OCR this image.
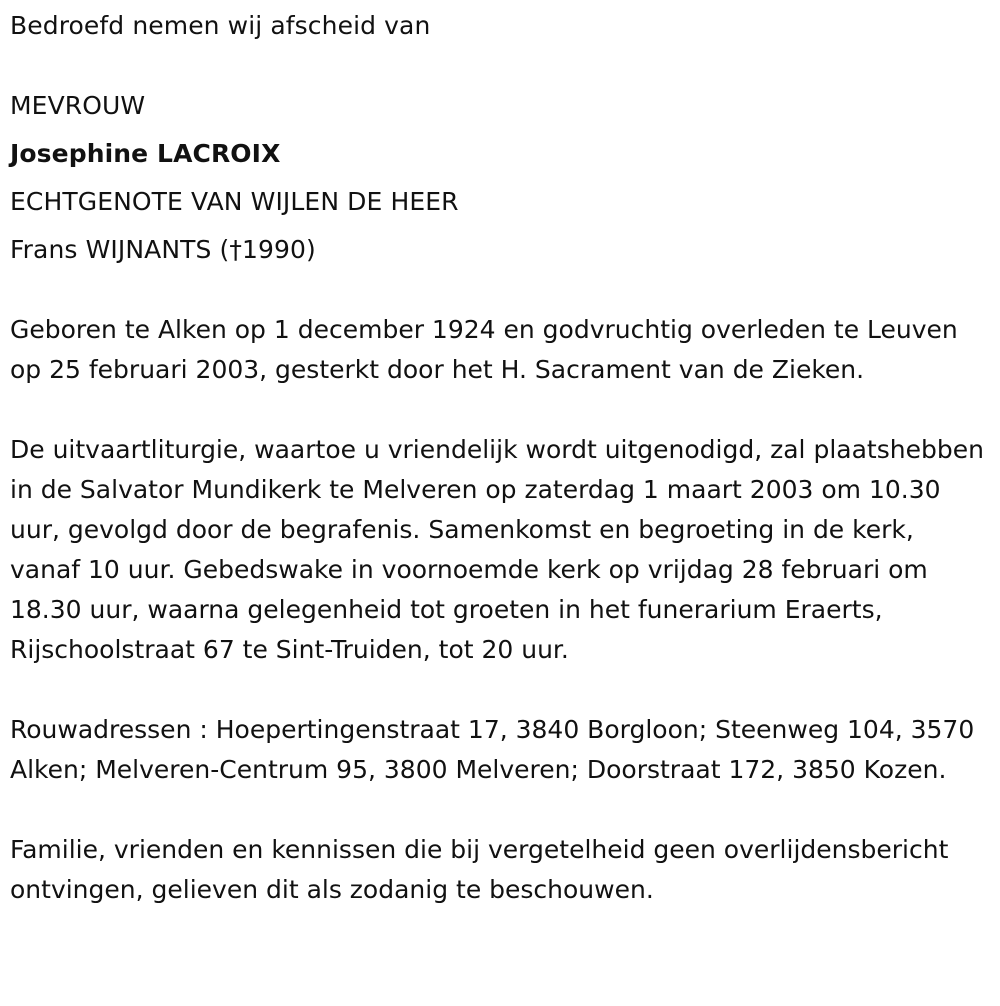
Bedroefd nemen wij afscheid van
MEVROUW
Josephine LACROIX
ECHTGENOTE VAN WIJLEN DE HEER
Frans WIJNANTS (†1990)

Geboren te Alken op 1 december 1924 en godvruchtig overleden te Leuven op 25 februari 2003, gesterkt door het H. Sacrament van de Zieken.

De uitvaartliturgie, waartoe u vriendelijk wordt uitgenodigd, zal plaatshebben in de Salvator Mundikerk te Melveren op zaterdag 1 maart 2003 om 10.30 uur, gevolgd door de begrafenis. Samenkomst en begroeting in de kerk, vanaf 10 uur. Gebedswake in voornoemde kerk op vrijdag 28 februari om 18.30 uur, waarna gelegenheid tot groeten in het funerarium Eraerts, Rijschoolstraat 67 te Sint-Truiden, tot 20 uur.

Rouwadressen : Hoepertingenstraat 17, 3840 Borgloon; Steenweg 104, 3570 Alken; Melveren-Centrum 95, 3800 Melveren; Doorstraat 172, 3850 Kozen.

Familie, vrienden en kennissen die bij vergetelheid geen overlijdensbericht ontvingen, gelieven dit als zodanig te beschouwen.
